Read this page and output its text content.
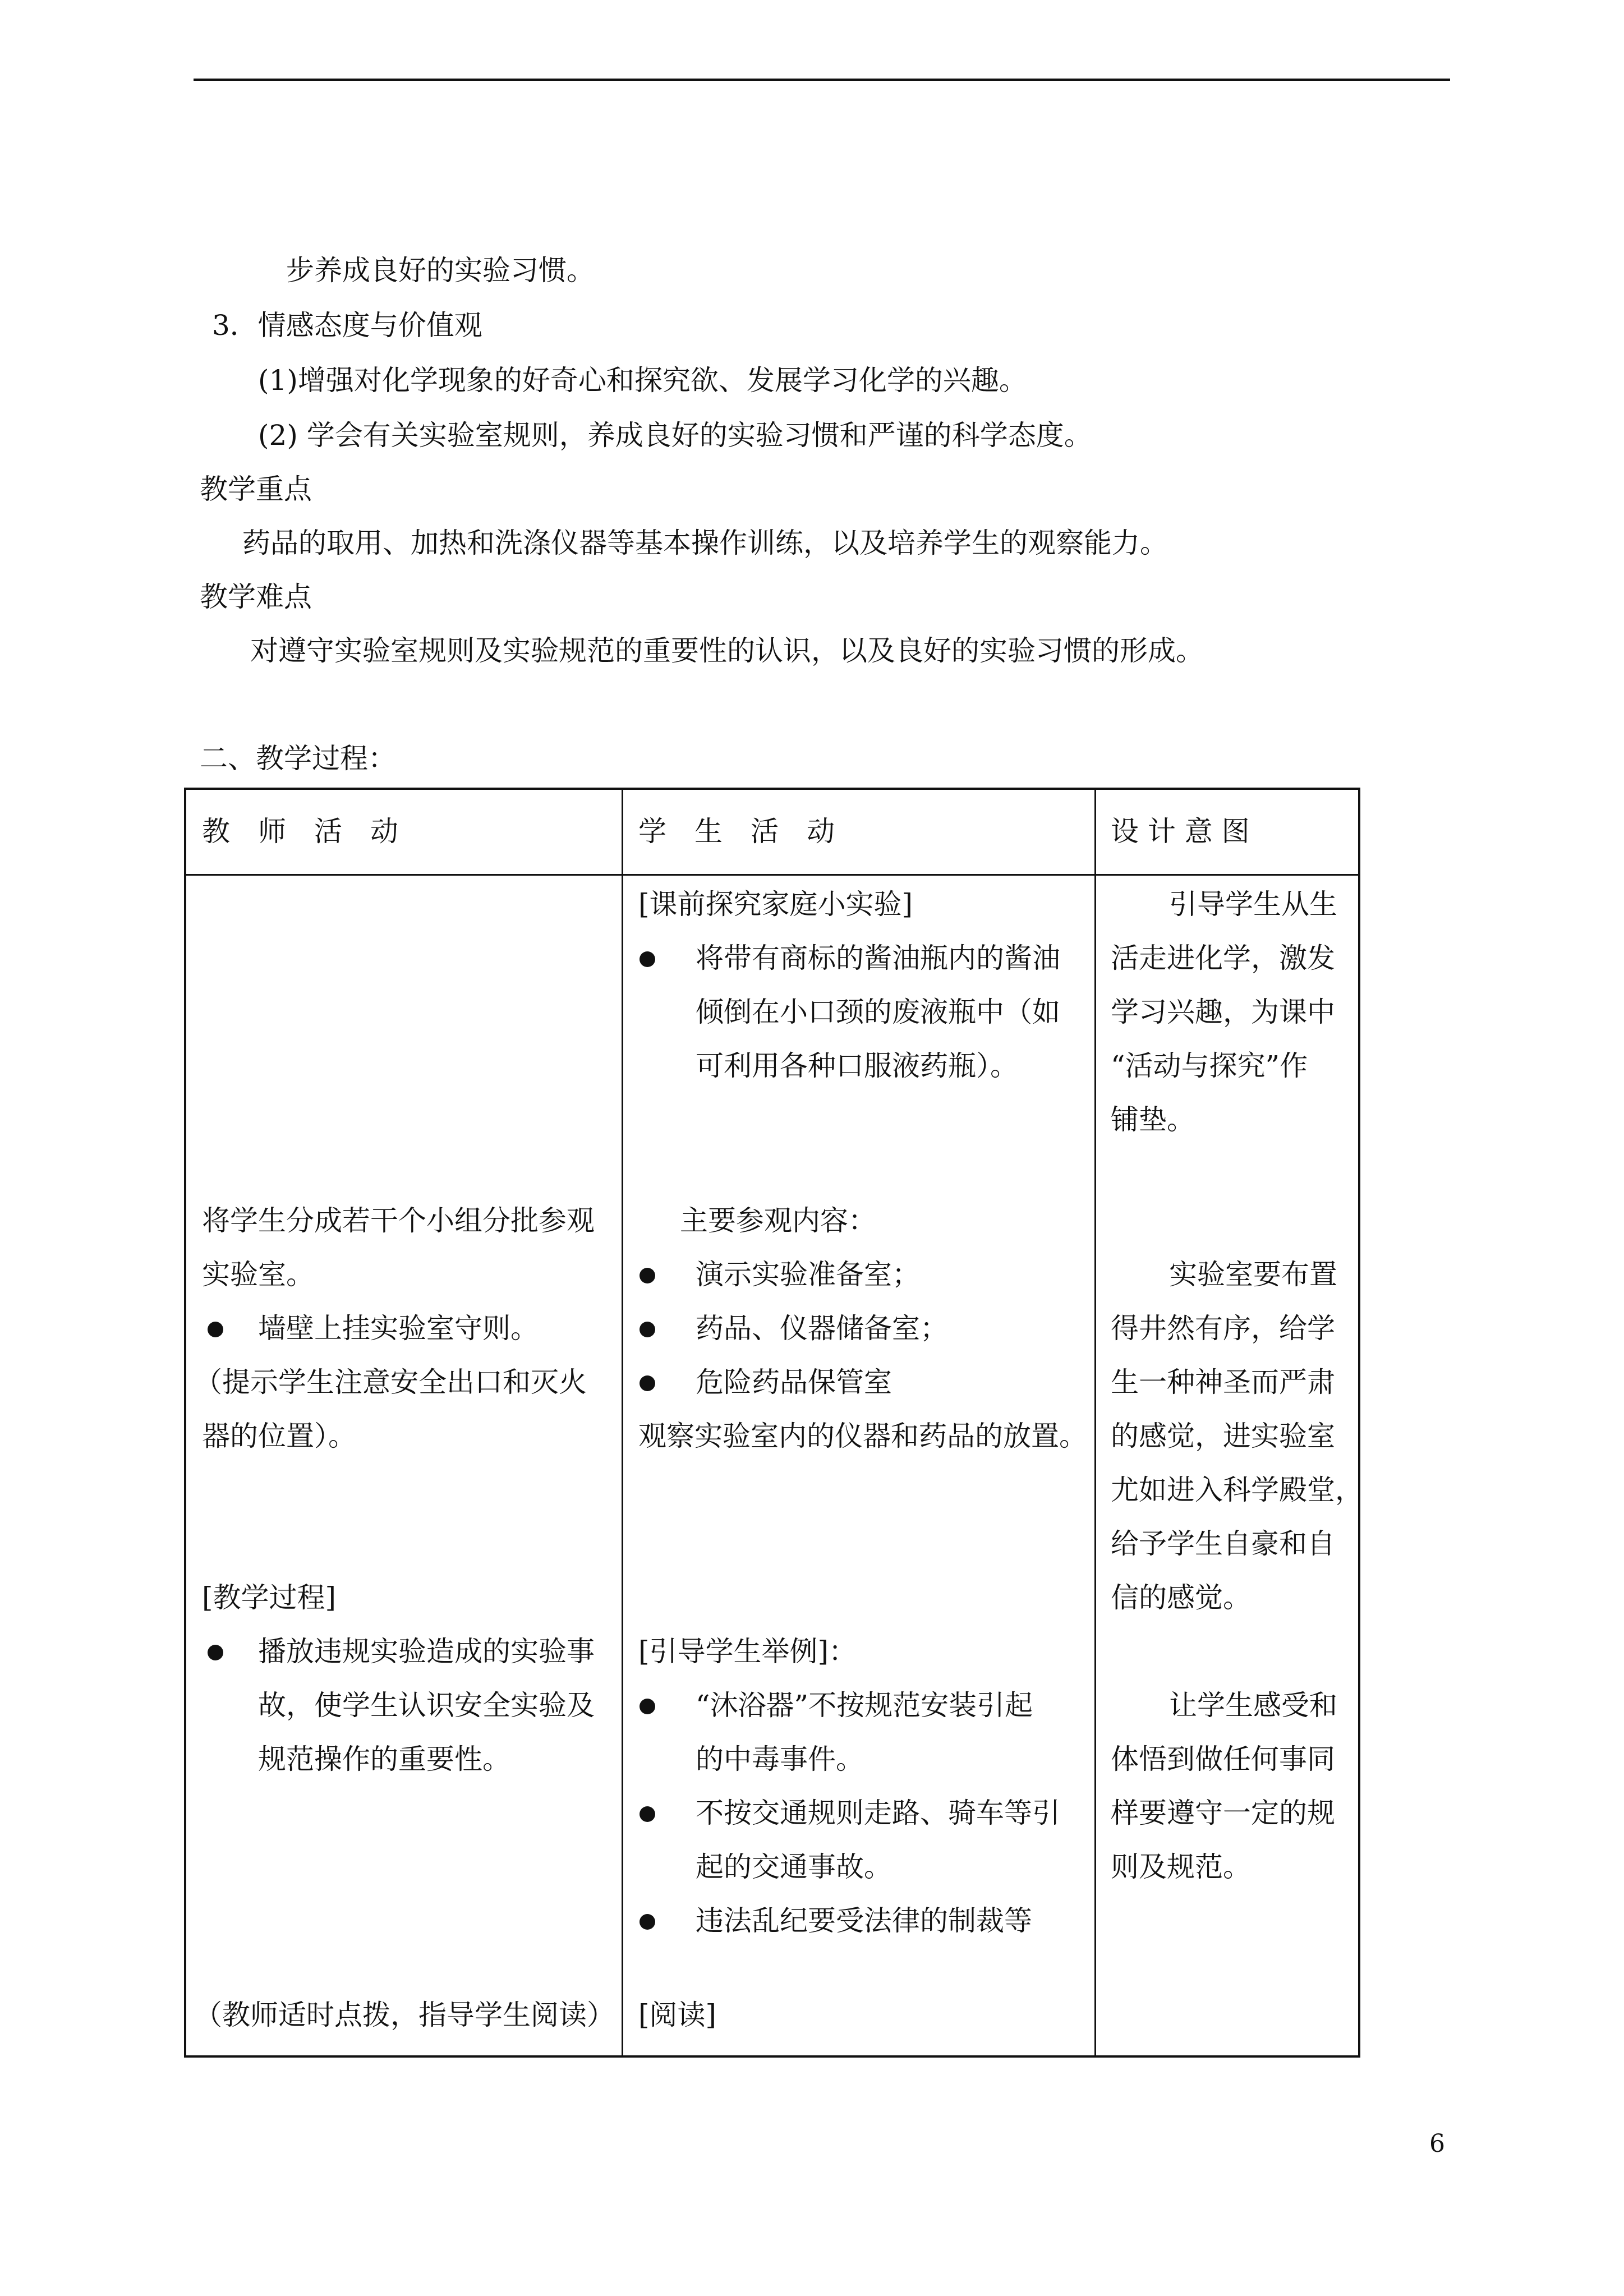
步养成良好的实验习惯。
3．情感态度与价值观
(1)增强对化学现象的好奇心和探究欲、发展学习化学的兴趣。
(2) 学会有关实验室规则，养成良好的实验习惯和严谨的科学态度。
教学重点
药品的取用、加热和洗涤仪器等基本操作训练，以及培养学生的观察能力。
教学难点
对遵守实验室规则及实验规范的重要性的认识，以及良好的实验习惯的形成。
二、教学过程：
教　师　活　动	学　生　活　动	设 计 意 图
将学生分成若干个小组分批参观
实验室。
墙壁上挂实验室守则。
（提示学生注意安全出口和灭火
器的位置）。
[教学过程]
播放违规实验造成的实验事
故，使学生认识安全实验及
规范操作的重要性。
（教师适时点拨，指导学生阅读）
[课前探究家庭小实验]
将带有商标的酱油瓶内的酱油
倾倒在小口颈的废液瓶中（如
可利用各种口服液药瓶）。
主要参观内容：
演示实验准备室；
药品、仪器储备室；
危险药品保管室
观察实验室内的仪器和药品的放置。
[引导学生举例]：
“沐浴器”不按规范安装引起
的中毒事件。
不按交通规则走路、骑车等引
起的交通事故。
违法乱纪要受法律的制裁等
[阅读]
引导学生从生
活走进化学，激发
学习兴趣，为课中
“活动与探究”作
铺垫。
实验室要布置
得井然有序，给学
生一种神圣而严肃
的感觉，进实验室
尤如进入科学殿堂，
给予学生自豪和自
信的感觉。
让学生感受和
体悟到做任何事同
样要遵守一定的规
则及规范。
6
